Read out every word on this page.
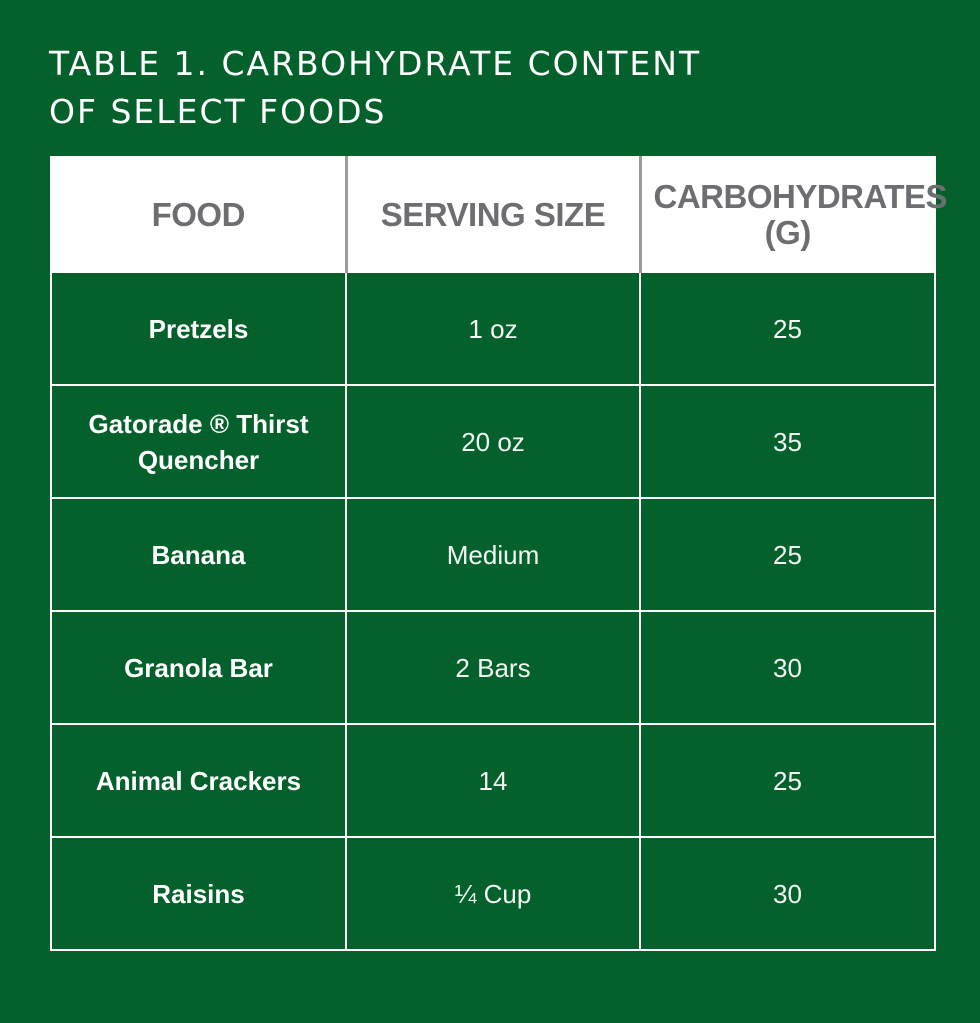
TABLE 1. CARBOHYDRATE CONTENT OF SELECT FOODS
FOOD	SERVING SIZE	CARBOHYDRATES (G)
Pretzels	1 oz	25
Gatorade ® Thirst Quencher	20 oz	35
Banana	Medium	25
Granola Bar	2 Bars	30
Animal Crackers	14	25
Raisins	¼ Cup	30
